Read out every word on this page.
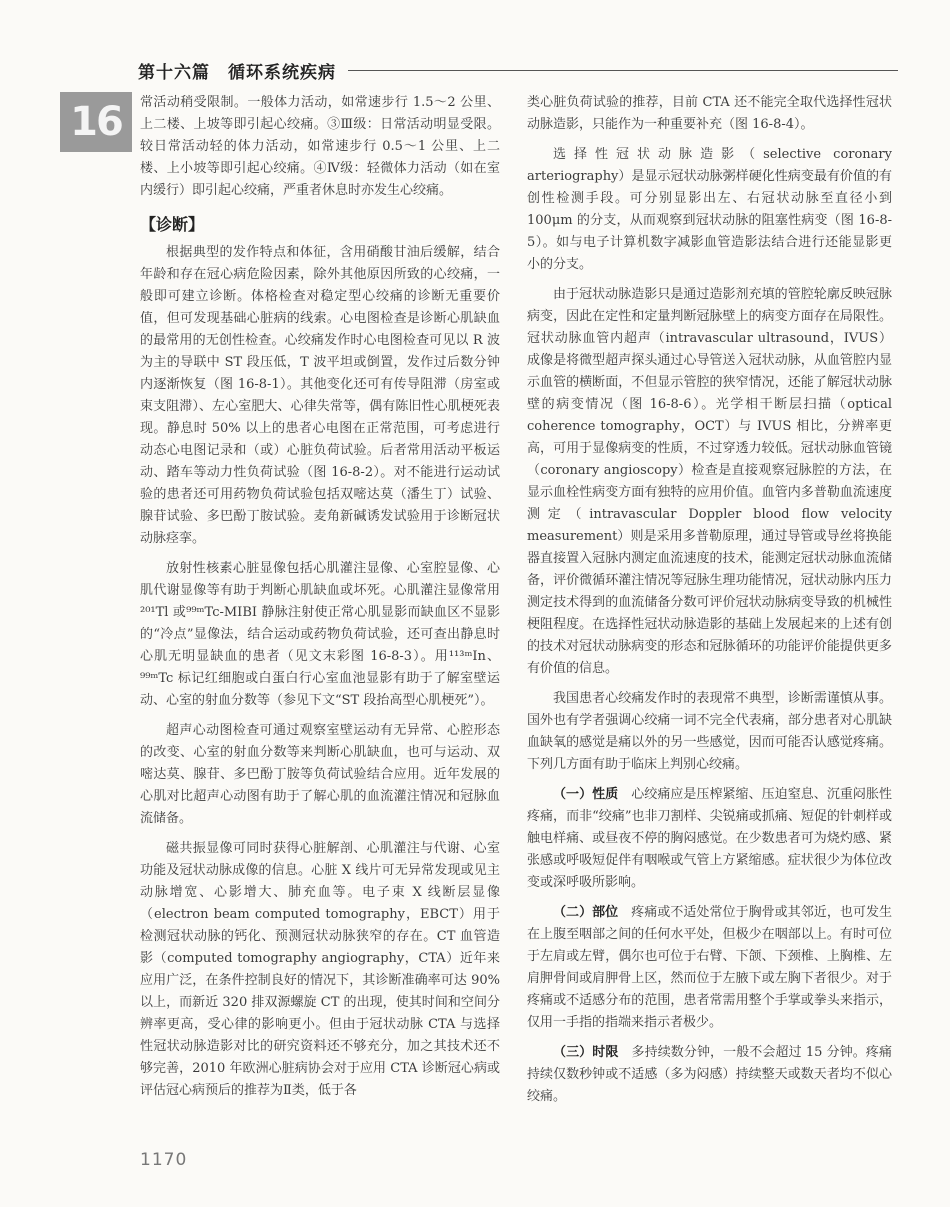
第十六篇　循环系统疾病
16 常活动稍受限制。一般体力活动，如常速步行 1.5～2 公里、上二楼、上坡等即引起心绞痛。③Ⅲ级：日常活动明显受限。较日常活动轻的体力活动，如常速步行 0.5～1 公里、上二楼、上小坡等即引起心绞痛。④Ⅳ级：轻微体力活动（如在室内缓行）即引起心绞痛，严重者休息时亦发生心绞痛。

【诊断】

根据典型的发作特点和体征，含用硝酸甘油后缓解，结合年龄和存在冠心病危险因素，除外其他原因所致的心绞痛，一般即可建立诊断。体格检查对稳定型心绞痛的诊断无重要价值，但可发现基础心脏病的线索。心电图检查是诊断心肌缺血的最常用的无创性检查。心绞痛发作时心电图检查可见以 R 波为主的导联中 ST 段压低，T 波平坦或倒置，发作过后数分钟内逐渐恢复（图 16-8-1）。其他变化还可有传导阻滞（房室或束支阻滞）、左心室肥大、心律失常等，偶有陈旧性心肌梗死表现。静息时 50% 以上的患者心电图在正常范围，可考虑进行动态心电图记录和（或）心脏负荷试验。后者常用活动平板运动、踏车等动力性负荷试验（图 16-8-2）。对不能进行运动试验的患者还可用药物负荷试验包括双嘧达莫（潘生丁）试验、腺苷试验、多巴酚丁胺试验。麦角新碱诱发试验用于诊断冠状动脉痉挛。

放射性核素心脏显像包括心肌灌注显像、心室腔显像、心肌代谢显像等有助于判断心肌缺血或坏死。心肌灌注显像常用²⁰¹Tl 或⁹⁹ᵐTc-MIBI 静脉注射使正常心肌显影而缺血区不显影的“冷点”显像法，结合运动或药物负荷试验，还可查出静息时心肌无明显缺血的患者（见文末彩图 16-8-3）。用¹¹³ᵐIn、⁹⁹ᵐTc 标记红细胞或白蛋白行心室血池显影有助于了解室壁运动、心室的射血分数等（参见下文“ST 段抬高型心肌梗死”）。

超声心动图检查可通过观察室壁运动有无异常、心腔形态的改变、心室的射血分数等来判断心肌缺血，也可与运动、双嘧达莫、腺苷、多巴酚丁胺等负荷试验结合应用。近年发展的心肌对比超声心动图有助于了解心肌的血流灌注情况和冠脉血流储备。

磁共振显像可同时获得心脏解剖、心肌灌注与代谢、心室功能及冠状动脉成像的信息。心脏 X 线片可无异常发现或见主动脉增宽、心影增大、肺充血等。电子束 X 线断层显像（electron beam computed tomography，EBCT）用于检测冠状动脉的钙化、预测冠状动脉狭窄的存在。CT 血管造影（computed tomography angiography，CTA）近年来应用广泛，在条件控制良好的情况下，其诊断准确率可达 90% 以上，而新近 320 排双源螺旋 CT 的出现，使其时间和空间分辨率更高，受心律的影响更小。但由于冠状动脉 CTA 与选择性冠状动脉造影对比的研究资料还不够充分，加之其技术还不够完善，2010 年欧洲心脏病协会对于应用 CTA 诊断冠心病或评估冠心病预后的推荐为Ⅱ类，低于各

类心脏负荷试验的推荐，目前 CTA 还不能完全取代选择性冠状动脉造影，只能作为一种重要补充（图 16-8-4）。

选择性冠状动脉造影（selective coronary arteriography）是显示冠状动脉粥样硬化性病变最有价值的有创性检测手段。可分别显影出左、右冠状动脉至直径小到 100μm 的分支，从而观察到冠状动脉的阻塞性病变（图 16-8-5）。如与电子计算机数字减影血管造影法结合进行还能显影更小的分支。

由于冠状动脉造影只是通过造影剂充填的管腔轮廓反映冠脉病变，因此在定性和定量判断冠脉壁上的病变方面存在局限性。冠状动脉血管内超声（intravascular ultrasound，IVUS）成像是将微型超声探头通过心导管送入冠状动脉，从血管腔内显示血管的横断面，不但显示管腔的狭窄情况，还能了解冠状动脉壁的病变情况（图 16-8-6）。光学相干断层扫描（optical coherence tomography，OCT）与 IVUS 相比，分辨率更高，可用于显像病变的性质，不过穿透力较低。冠状动脉血管镜（coronary angioscopy）检查是直接观察冠脉腔的方法，在显示血栓性病变方面有独特的应用价值。血管内多普勒血流速度测定（intravascular Doppler blood flow velocity measurement）则是采用多普勒原理，通过导管或导丝将换能器直接置入冠脉内测定血流速度的技术，能测定冠状动脉血流储备，评价微循环灌注情况等冠脉生理功能情况，冠状动脉内压力测定技术得到的血流储备分数可评价冠状动脉病变导致的机械性梗阻程度。在选择性冠状动脉造影的基础上发展起来的上述有创的技术对冠状动脉病变的形态和冠脉循环的功能评价能提供更多有价值的信息。

我国患者心绞痛发作时的表现常不典型，诊断需谨慎从事。国外也有学者强调心绞痛一词不完全代表痛，部分患者对心肌缺血缺氧的感觉是痛以外的另一些感觉，因而可能否认感觉疼痛。下列几方面有助于临床上判别心绞痛。

（一）性质　心绞痛应是压榨紧缩、压迫窒息、沉重闷胀性疼痛，而非“绞痛”也非刀割样、尖锐痛或抓痛、短促的针刺样或触电样痛、或昼夜不停的胸闷感觉。在少数患者可为烧灼感、紧张感或呼吸短促伴有咽喉或气管上方紧缩感。症状很少为体位改变或深呼吸所影响。

（二）部位　疼痛或不适处常位于胸骨或其邻近，也可发生在上腹至咽部之间的任何水平处，但极少在咽部以上。有时可位于左肩或左臂，偶尔也可位于右臂、下颌、下颈椎、上胸椎、左肩胛骨间或肩胛骨上区，然而位于左腋下或左胸下者很少。对于疼痛或不适感分布的范围，患者常需用整个手掌或拳头来指示，仅用一手指的指端来指示者极少。

（三）时限　多持续数分钟，一般不会超过 15 分钟。疼痛持续仅数秒钟或不适感（多为闷感）持续整天或数天者均不似心绞痛。

1170
